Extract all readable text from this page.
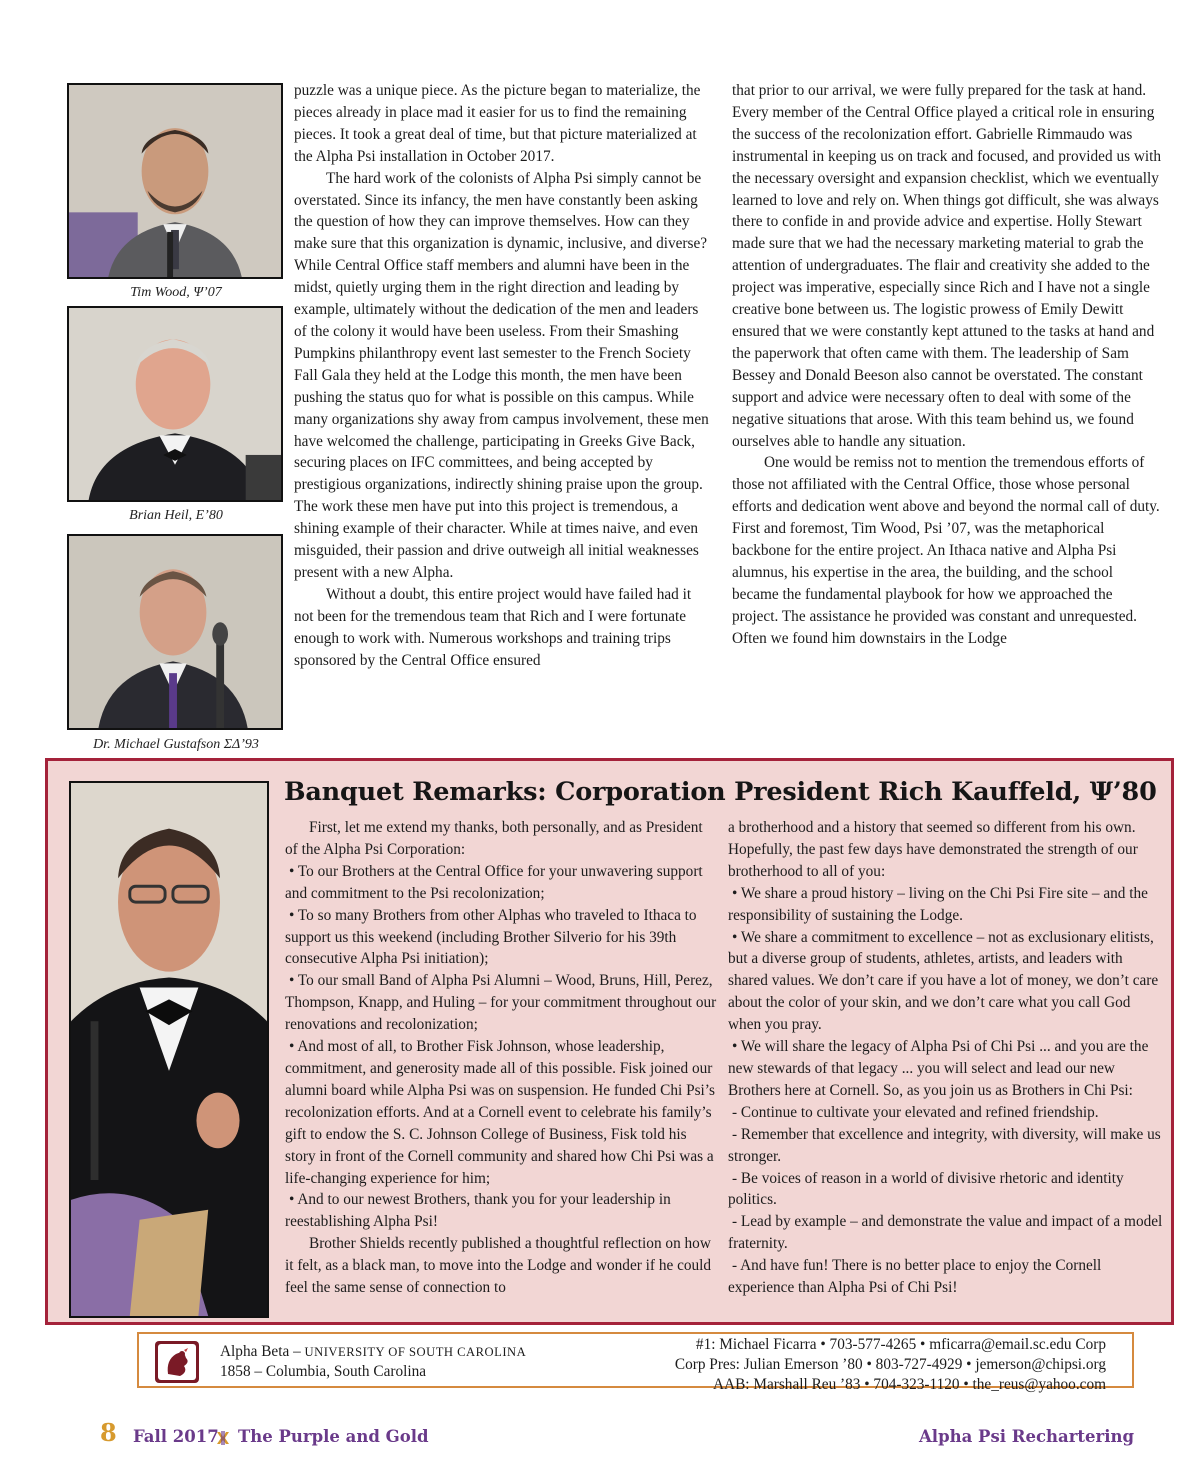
Tim Wood, Ψ’07
Brian Heil, E’80
Dr. Michael Gustafson ΣΔ’93

puzzle was a unique piece. As the picture began to materialize, the pieces already in place mad it easier for us to find the remaining pieces. It took a great deal of time, but that picture materialized at the Alpha Psi installation in October 2017.

The hard work of the colonists of Alpha Psi simply cannot be overstated. Since its infancy, the men have constantly been asking the question of how they can improve themselves. How can they make sure that this organization is dynamic, inclusive, and diverse? While Central Office staff members and alumni have been in the midst, quietly urging them in the right direction and leading by example, ultimately without the dedication of the men and leaders of the colony it would have been useless. From their Smashing Pumpkins philanthropy event last semester to the French Society Fall Gala they held at the Lodge this month, the men have been pushing the status quo for what is possible on this campus. While many organizations shy away from campus involvement, these men have welcomed the challenge, participating in Greeks Give Back, securing places on IFC committees, and being accepted by prestigious organizations, indirectly shining praise upon the group. The work these men have put into this project is tremendous, a shining example of their character. While at times naive, and even misguided, their passion and drive outweigh all initial weaknesses present with a new Alpha.

Without a doubt, this entire project would have failed had it not been for the tremendous team that Rich and I were fortunate enough to work with. Numerous workshops and training trips sponsored by the Central Office ensured

that prior to our arrival, we were fully prepared for the task at hand. Every member of the Central Office played a critical role in ensuring the success of the recolonization effort. Gabrielle Rimmaudo was instrumental in keeping us on track and focused, and provided us with the necessary oversight and expansion checklist, which we eventually learned to love and rely on. When things got difficult, she was always there to confide in and provide advice and expertise. Holly Stewart made sure that we had the necessary marketing material to grab the attention of undergraduates. The flair and creativity she added to the project was imperative, especially since Rich and I have not a single creative bone between us. The logistic prowess of Emily Dewitt ensured that we were constantly kept attuned to the tasks at hand and the paperwork that often came with them. The leadership of Sam Bessey and Donald Beeson also cannot be overstated. The constant support and advice were necessary often to deal with some of the negative situations that arose. With this team behind us, we found ourselves able to handle any situation.

One would be remiss not to mention the tremendous efforts of those not affiliated with the Central Office, those whose personal efforts and dedication went above and beyond the normal call of duty. First and foremost, Tim Wood, Psi ’07, was the metaphorical backbone for the entire project. An Ithaca native and Alpha Psi alumnus, his expertise in the area, the building, and the school became the fundamental playbook for how we approached the project. The assistance he provided was constant and unrequested. Often we found him downstairs in the Lodge

Banquet Remarks: Corporation President Rich Kauffeld, Ψ’80

First, let me extend my thanks, both personally, and as President of the Alpha Psi Corporation:

• To our Brothers at the Central Office for your unwavering support and commitment to the Psi recolonization;

• To so many Brothers from other Alphas who traveled to Ithaca to support us this weekend (including Brother Silverio for his 39th consecutive Alpha Psi initiation);

• To our small Band of Alpha Psi Alumni – Wood, Bruns, Hill, Perez, Thompson, Knapp, and Huling – for your commitment throughout our renovations and recolonization;

• And most of all, to Brother Fisk Johnson, whose leadership, commitment, and generosity made all of this possible. Fisk joined our alumni board while Alpha Psi was on suspension. He funded Chi Psi’s recolonization efforts. And at a Cornell event to celebrate his family’s gift to endow the S. C. Johnson College of Business, Fisk told his story in front of the Cornell community and shared how Chi Psi was a life-changing experience for him;

• And to our newest Brothers, thank you for your leadership in reestablishing Alpha Psi!

Brother Shields recently published a thoughtful reflection on how it felt, as a black man, to move into the Lodge and wonder if he could feel the same sense of connection to

a brotherhood and a history that seemed so different from his own. Hopefully, the past few days have demonstrated the strength of our brotherhood to all of you:

• We share a proud history – living on the Chi Psi Fire site – and the responsibility of sustaining the Lodge.

• We share a commitment to excellence – not as exclusionary elitists, but a diverse group of students, athletes, artists, and leaders with shared values. We don’t care if you have a lot of money, we don’t care about the color of your skin, and we don’t care what you call God when you pray.

• We will share the legacy of Alpha Psi of Chi Psi ... and you are the new stewards of that legacy ... you will select and lead our new Brothers here at Cornell. So, as you join us as Brothers in Chi Psi:

- Continue to cultivate your elevated and refined friendship.

- Remember that excellence and integrity, with diversity, will make us stronger.

- Be voices of reason in a world of divisive rhetoric and identity politics.

- Lead by example – and demonstrate the value and impact of a model fraternity.

- And have fun! There is no better place to enjoy the Cornell experience than Alpha Psi of Chi Psi!

Alpha Beta – UNIVERSITY OF SOUTH CAROLINA
1858 – Columbia, South Carolina
#1: Michael Ficarra • 703-577-4265 • mficarra@email.sc.edu Corp
Corp Pres: Julian Emerson ’80 • 803-727-4929 • jemerson@chipsi.org
AAB: Marshall Reu ’83 • 704-323-1120 • the_reus@yahoo.com
8 Fall 2017 The Purple and Gold	Alpha Psi Rechartering
